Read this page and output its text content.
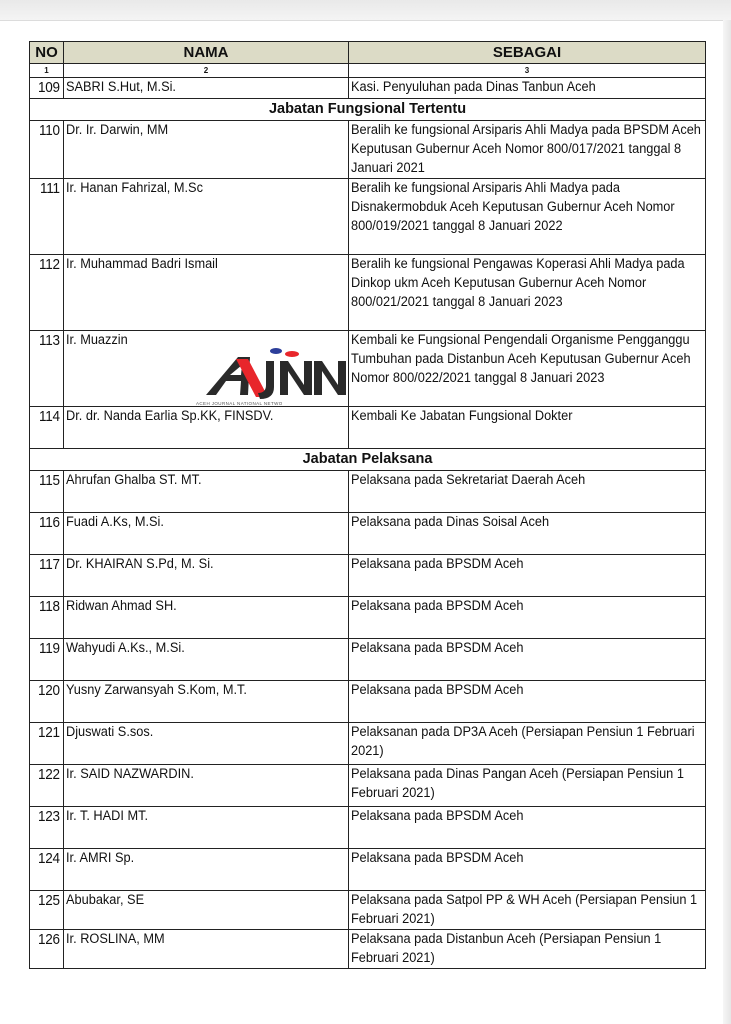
NO	NAMA	SEBAGAI
1	2	3
109	SABRI S.Hut, M.Si.	Kasi. Penyuluhan pada Dinas Tanbun Aceh

Jabatan Fungsional Tertentu		
110	Dr. Ir. Darwin, MM	Beralih ke fungsional Arsiparis Ahli Madya pada BPSDM Aceh Keputusan Gubernur Aceh Nomor 800/017/2021 tanggal 8 Januari 2021

111	Ir. Hanan Fahrizal, M.Sc	Beralih ke fungsional Arsiparis Ahli Madya pada Disnakermobduk Aceh Keputusan Gubernur Aceh Nomor 800/019/2021 tanggal 8 Januari 2022

112	Ir. Muhammad Badri Ismail	Beralih ke fungsional Pengawas Koperasi Ahli Madya pada Dinkop ukm Aceh Keputusan Gubernur Aceh Nomor 800/021/2021 tanggal 8 Januari 2023

113	Ir. Muazzin	Kembali ke Fungsional Pengendali Organisme Pengganggu Tumbuhan pada Distanbun Aceh Keputusan Gubernur Aceh Nomor 800/022/2021 tanggal 8 Januari 2023

114	Dr. dr. Nanda Earlia Sp.KK, FINSDV.	Kembali Ke Jabatan Fungsional Dokter

Jabatan Pelaksana		
115	Ahrufan Ghalba ST. MT.	Pelaksana pada Sekretariat Daerah Aceh

116	Fuadi A.Ks, M.Si.	Pelaksana pada Dinas Soisal Aceh

117	Dr. KHAIRAN S.Pd, M. Si.	Pelaksana pada BPSDM Aceh

118	Ridwan Ahmad SH.	Pelaksana pada BPSDM Aceh

119	Wahyudi A.Ks., M.Si.	Pelaksana pada BPSDM Aceh

120	Yusny Zarwansyah S.Kom, M.T.	Pelaksana pada BPSDM Aceh

121	Djuswati S.sos.	Pelaksanan pada DP3A Aceh (Persiapan Pensiun 1 Februari 2021)

122	Ir. SAID NAZWARDIN.	Pelaksana pada Dinas Pangan Aceh (Persiapan Pensiun 1 Februari 2021)

123	Ir. T. HADI MT.	Pelaksana pada BPSDM Aceh

124	Ir. AMRI Sp.	Pelaksana pada BPSDM Aceh

125	Abubakar, SE	Pelaksana pada Satpol PP & WH Aceh (Persiapan Pensiun 1 Februari 2021)

126	Ir. ROSLINA, MM	Pelaksana pada Distanbun Aceh (Persiapan Pensiun 1 Februari 2021)
ACEH JOURNAL NATIONAL NETWO
